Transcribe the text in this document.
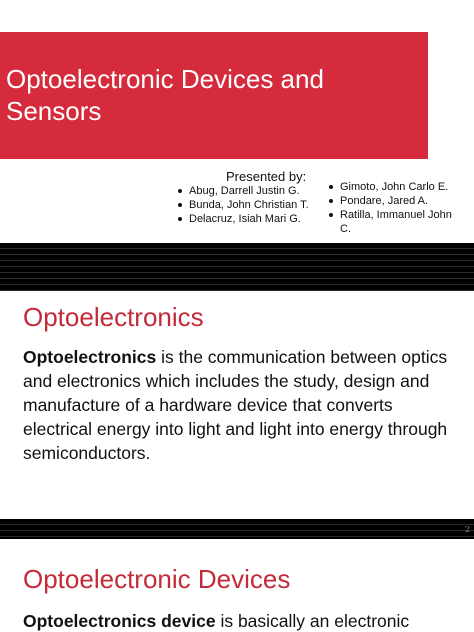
Optoelectronic Devices and Sensors
Presented by:
Abug, Darrell Justin G.
Bunda, John Christian T.
Delacruz, Isiah Mari G.
Gimoto, John Carlo E.
Pondare, Jared A.
Ratilla, Immanuel John C.
Optoelectronics
Optoelectronics is the communication between optics and electronics which includes the study, design and manufacture of a hardware device that converts electrical energy into light and light into energy through semiconductors.
2
Optoelectronic Devices
Optoelectronics device is basically an electronic
